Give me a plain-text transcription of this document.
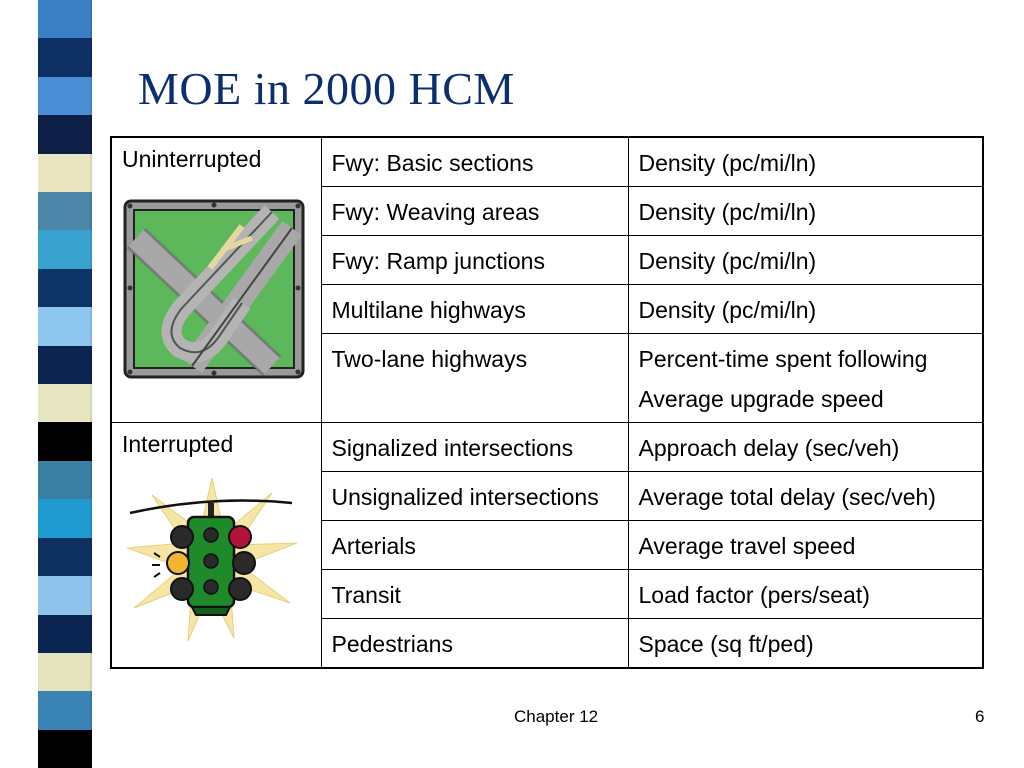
MOE in 2000 HCM
Uninterrupted	Fwy: Basic sections	Density (pc/mi/ln)

	Fwy: Weaving areas	Density (pc/mi/ln)

	Fwy: Ramp junctions	Density (pc/mi/ln)

	Multilane highways	Density (pc/mi/ln)

	Two-lane highways	Percent-time spent following
Average upgrade speed

Interrupted	Signalized intersections	Approach delay (sec/veh)

	Unsignalized intersections	Average total delay (sec/veh)

	Arterials	Average travel speed

	Transit	Load factor (pers/seat)

	Pedestrians	Space (sq ft/ped)
Chapter 12	6
